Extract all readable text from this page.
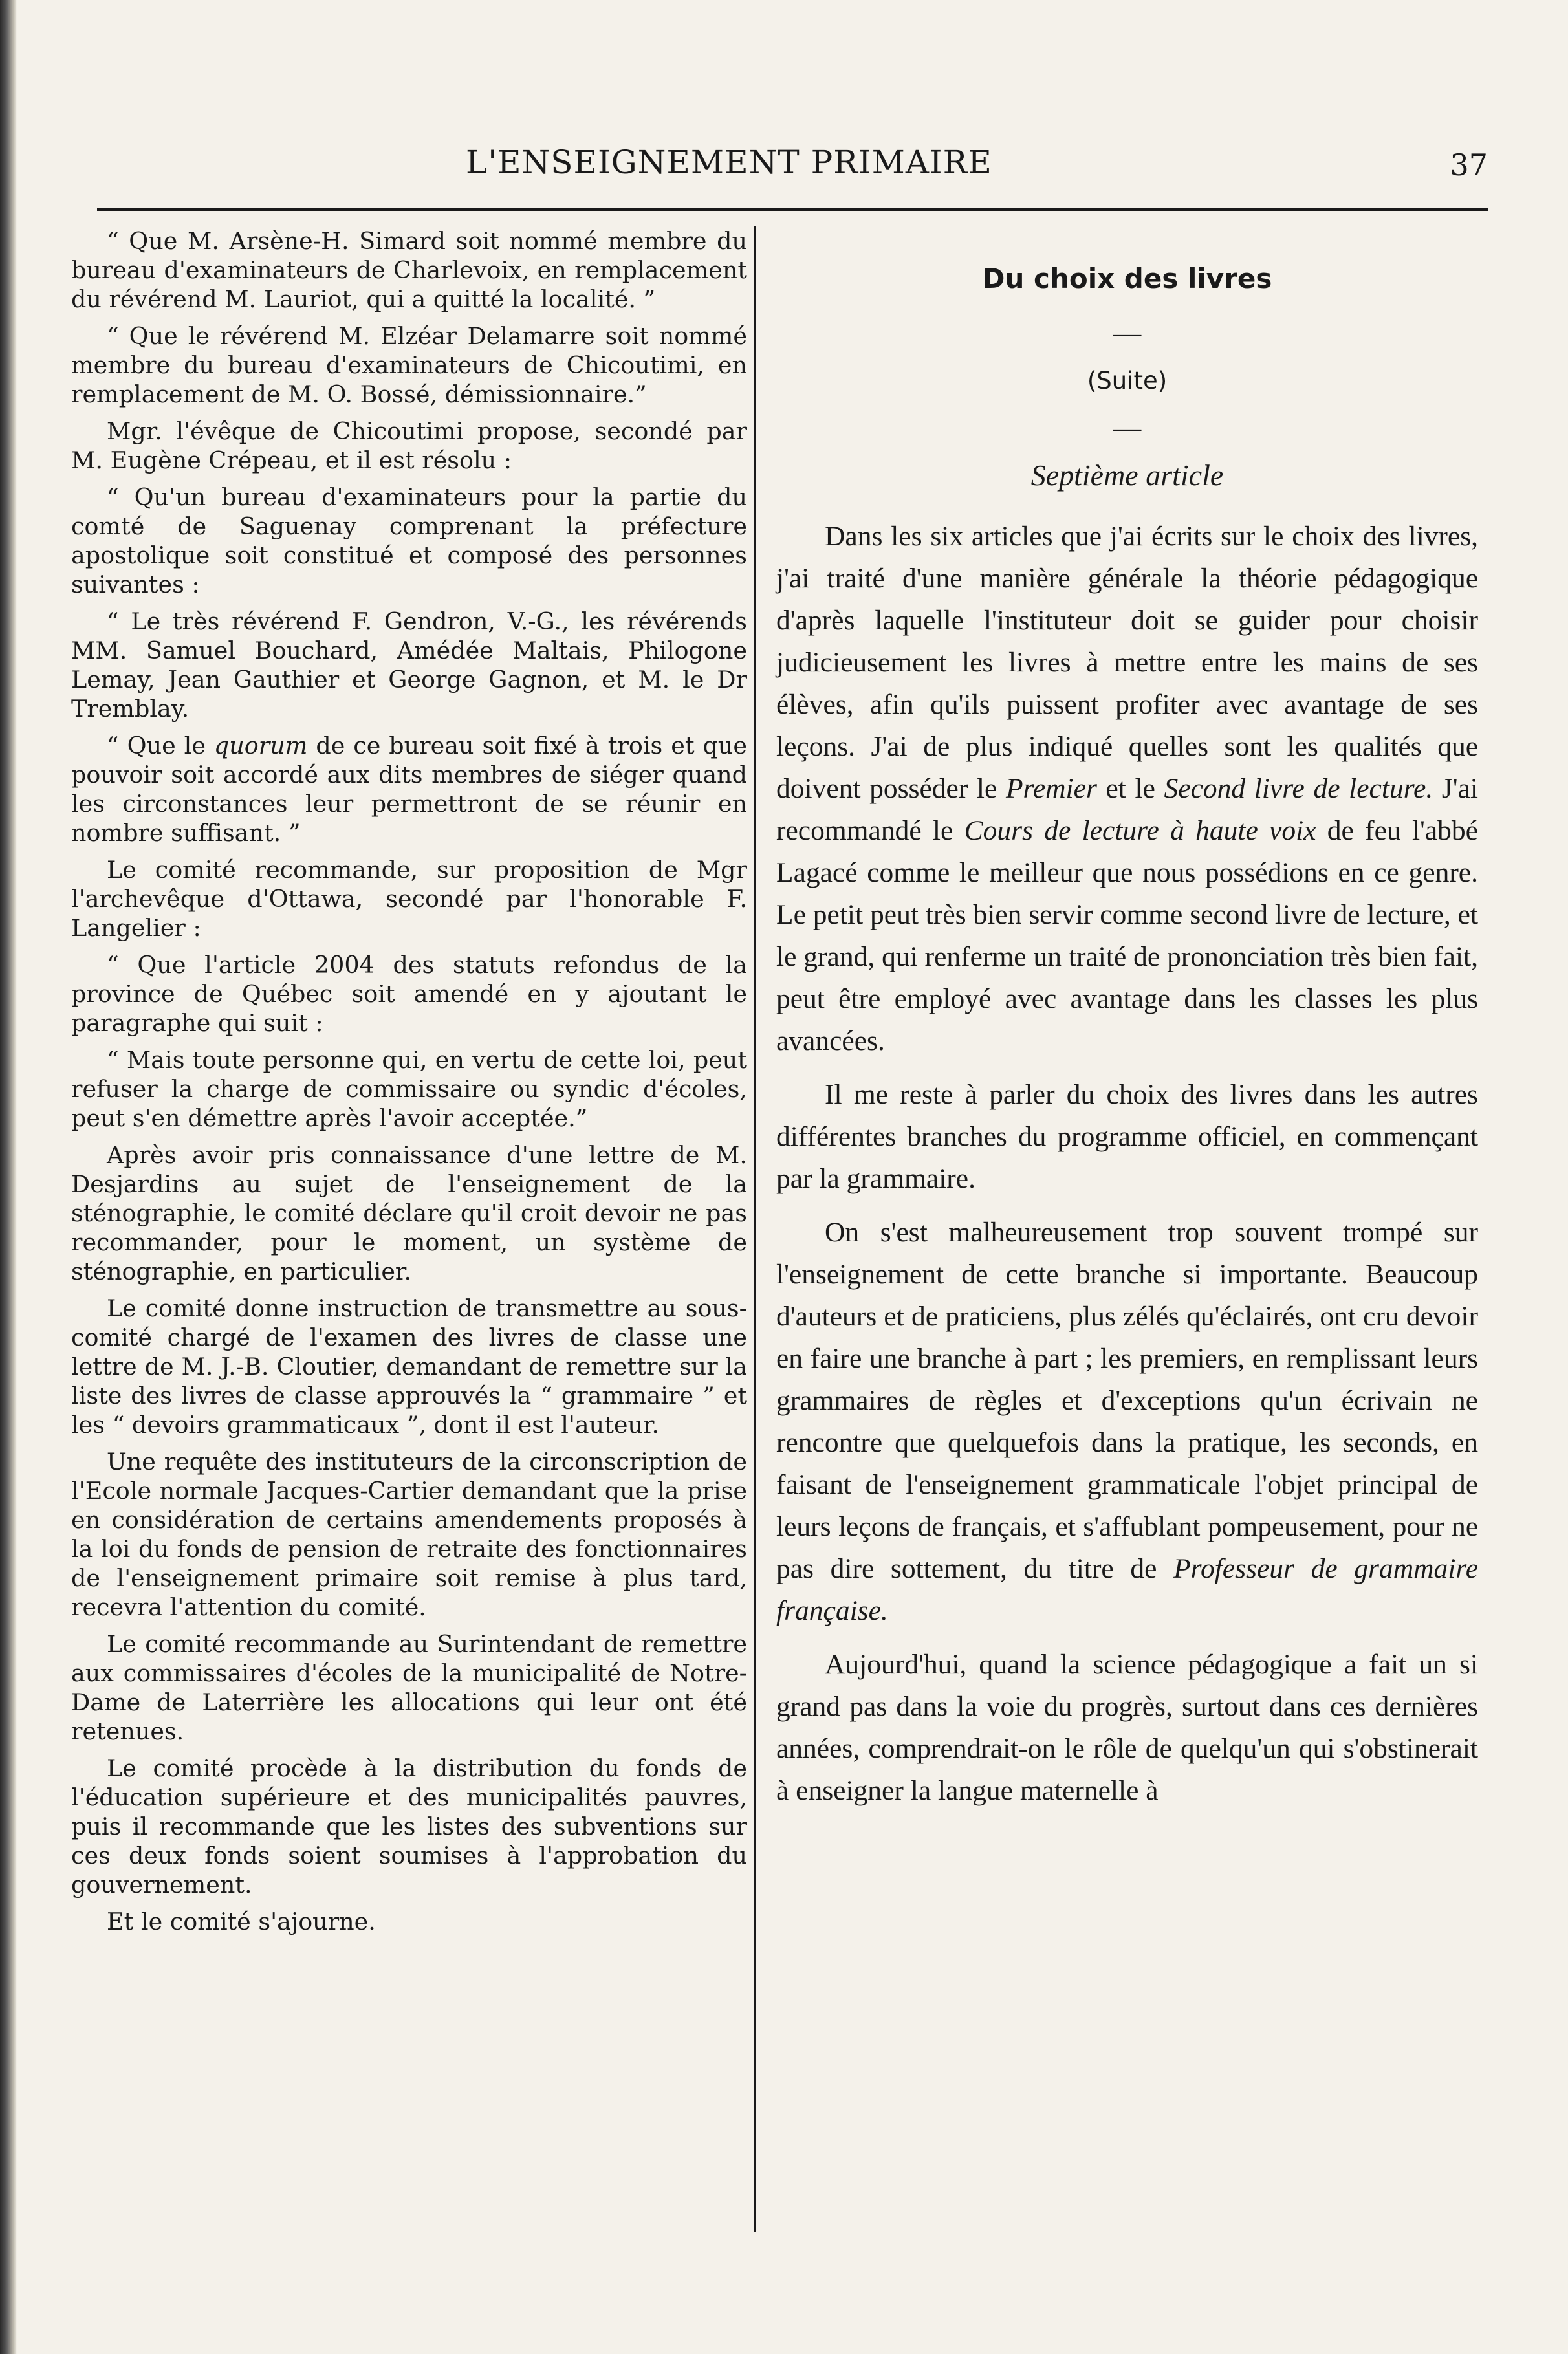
L'ENSEIGNEMENT PRIMAIRE	37

“ Que M. Arsène-H. Simard soit nommé membre du bureau d'examinateurs de Charlevoix, en remplacement du révérend M. Lauriot, qui a quitté la localité. ”

“ Que le révérend M. Elzéar Delamarre soit nommé membre du bureau d'examinateurs de Chicoutimi, en remplacement de M. O. Bossé, démissionnaire.”

Mgr. l'évêque de Chicoutimi propose, secondé par M. Eugène Crépeau, et il est résolu :

“ Qu'un bureau d'examinateurs pour la partie du comté de Saguenay comprenant la préfecture apostolique soit constitué et composé des personnes suivantes :

“ Le très révérend F. Gendron, V.-G., les révérends MM. Samuel Bouchard, Amédée Maltais, Philogone Lemay, Jean Gauthier et George Gagnon, et M. le Dr Tremblay.

“ Que le quorum de ce bureau soit fixé à trois et que pouvoir soit accordé aux dits membres de siéger quand les circonstances leur permettront de se réunir en nombre suffisant. ”

Le comité recommande, sur proposition de Mgr l'archevêque d'Ottawa, secondé par l'honorable F. Langelier :

“ Que l'article 2004 des statuts refondus de la province de Québec soit amendé en y ajoutant le paragraphe qui suit :

“ Mais toute personne qui, en vertu de cette loi, peut refuser la charge de commissaire ou syndic d'écoles, peut s'en démettre après l'avoir acceptée.”

Après avoir pris connaissance d'une lettre de M. Desjardins au sujet de l'enseignement de la sténographie, le comité déclare qu'il croit devoir ne pas recommander, pour le moment, un système de sténographie, en particulier.

Le comité donne instruction de transmettre au sous-comité chargé de l'examen des livres de classe une lettre de M. J.-B. Cloutier, demandant de remettre sur la liste des livres de classe approuvés la “ grammaire ” et les “ devoirs grammaticaux ”, dont il est l'auteur.

Une requête des instituteurs de la circonscription de l'Ecole normale Jacques-Cartier demandant que la prise en considération de certains amendements proposés à la loi du fonds de pension de retraite des fonctionnaires de l'enseignement primaire soit remise à plus tard, recevra l'attention du comité.

Le comité recommande au Surintendant de remettre aux commissaires d'écoles de la municipalité de Notre-Dame de Laterrière les allocations qui leur ont été retenues.

Le comité procède à la distribution du fonds de l'éducation supérieure et des municipalités pauvres, puis il recommande que les listes des subventions sur ces deux fonds soient soumises à l'approbation du gouvernement.

Et le comité s'ajourne.

Du choix des livres

—

(Suite)

—

Septième article

Dans les six articles que j'ai écrits sur le choix des livres, j'ai traité d'une manière générale la théorie pédagogique d'après laquelle l'instituteur doit se guider pour choisir judicieusement les livres à mettre entre les mains de ses élèves, afin qu'ils puissent profiter avec avantage de ses leçons. J'ai de plus indiqué quelles sont les qualités que doivent posséder le Premier et le Second livre de lecture. J'ai recommandé le Cours de lecture à haute voix de feu l'abbé Lagacé comme le meilleur que nous possédions en ce genre. Le petit peut très bien servir comme second livre de lecture, et le grand, qui renferme un traité de prononciation très bien fait, peut être employé avec avantage dans les classes les plus avancées.

Il me reste à parler du choix des livres dans les autres différentes branches du programme officiel, en commençant par la grammaire.

On s'est malheureusement trop souvent trompé sur l'enseignement de cette branche si importante. Beaucoup d'auteurs et de praticiens, plus zélés qu'éclairés, ont cru devoir en faire une branche à part ; les premiers, en remplissant leurs grammaires de règles et d'exceptions qu'un écrivain ne rencontre que quelquefois dans la pratique, les seconds, en faisant de l'enseignement grammaticale l'objet principal de leurs leçons de français, et s'affublant pompeusement, pour ne pas dire sottement, du titre de Professeur de grammaire française.

Aujourd'hui, quand la science pédagogique a fait un si grand pas dans la voie du progrès, surtout dans ces dernières années, comprendrait-on le rôle de quelqu'un qui s'obstinerait à enseigner la langue maternelle à
